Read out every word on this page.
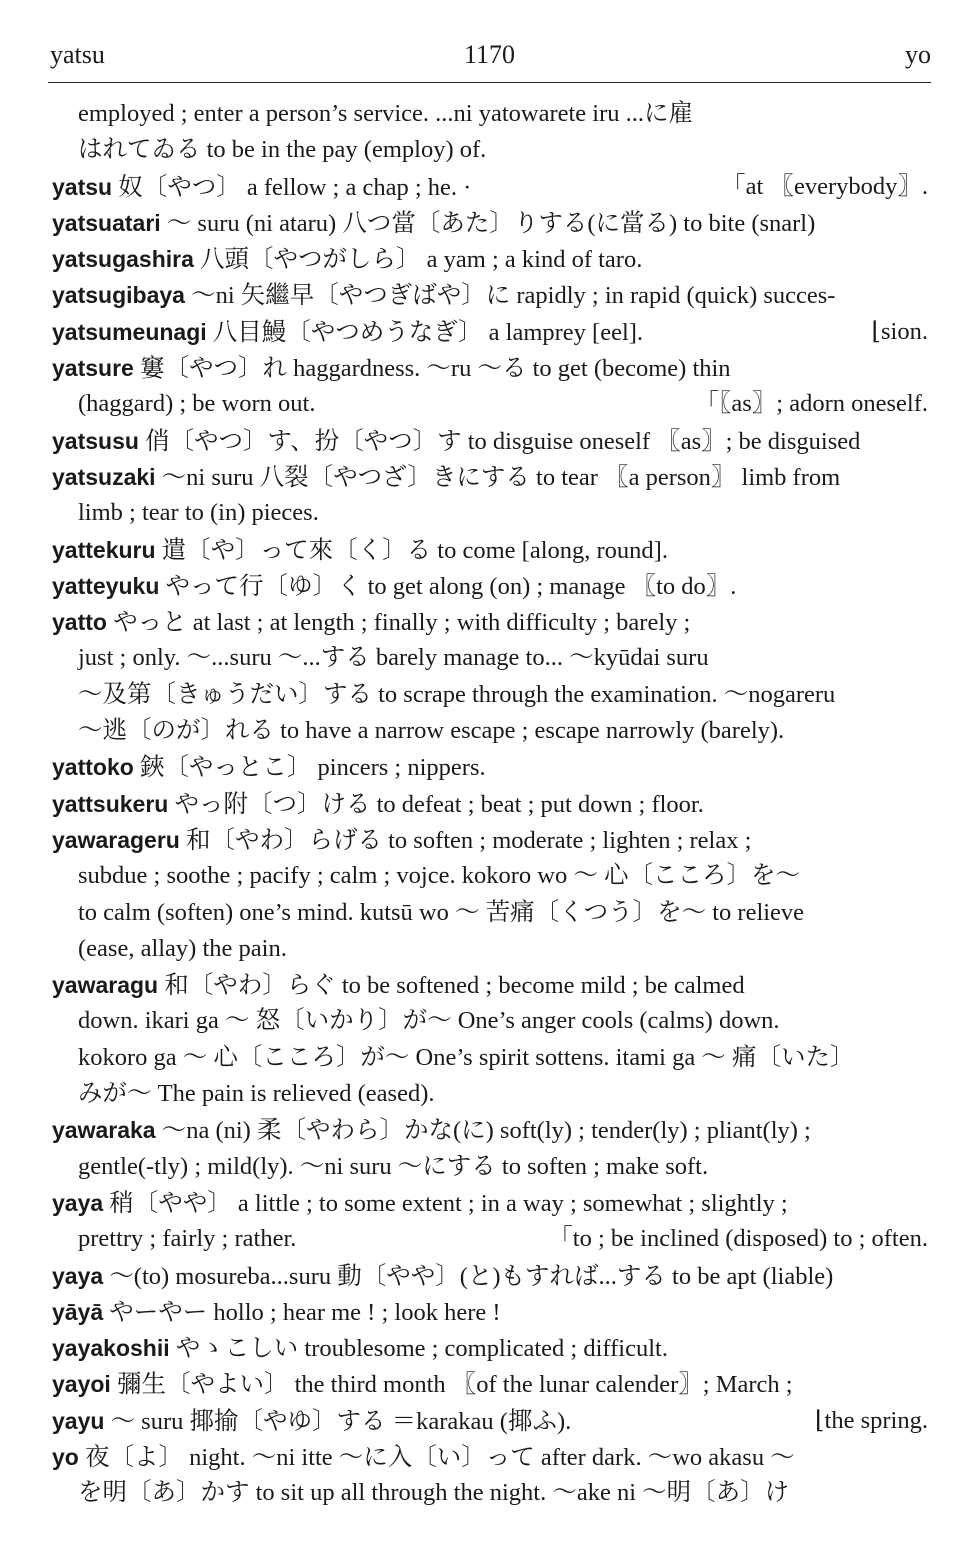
yatsu	1170	yo
employed ; enter a person’s service. ...ni yatowarete iru ...に雇
はれてゐる to be in the pay (employ) of.
yatsu 奴〔やつ〕 a fellow ; a chap ; he. ·	「at 〖everybody〗.
yatsuatari ～ suru (ni ataru) 八つ當〔あた〕りする(に當る) to bite (snarl)
yatsugashira 八頭〔やつがしら〕 a yam ; a kind of taro.
yatsugibaya ～ni 矢繼早〔やつぎばや〕に rapidly ; in rapid (quick) succes-
yatsumeunagi 八目鰻〔やつめうなぎ〕 a lamprey [eel].	⌊sion.
yatsure 窶〔やつ〕れ haggardness. ～ru ～る to get (become) thin
(haggard) ; be worn out.	「〖as〗; adorn oneself.
yatsusu 俏〔やつ〕す、扮〔やつ〕す to disguise oneself 〖as〗; be disguised
yatsuzaki ～ni suru 八裂〔やつざ〕きにする to tear 〖a person〗 limb from
limb ; tear to (in) pieces.
yattekuru 遣〔や〕って來〔く〕る to come [along, round].
yatteyuku やって行〔ゆ〕く to get along (on) ; manage 〖to do〗.
yatto やっと at last ; at length ; finally ; with difficulty ; barely ;
just ; only. ～...suru ～...する barely manage to... ～kyūdai suru
～及第〔きゅうだい〕する to scrape through the examination. ～nogareru
～逃〔のが〕れる to have a narrow escape ; escape narrowly (barely).
yattoko 鋏〔やっとこ〕 pincers ; nippers.
yattsukeru やっ附〔つ〕ける to defeat ; beat ; put down ; floor.
yawarageru 和〔やわ〕らげる to soften ; moderate ; lighten ; relax ;
subdue ; soothe ; pacify ; calm ; vojce. kokoro wo ～ 心〔こころ〕を～
to calm (soften) one’s mind. kutsū wo ～ 苦痛〔くつう〕を～ to relieve
(ease, allay) the pain.
yawaragu 和〔やわ〕らぐ to be softened ; become mild ; be calmed
down. ikari ga ～ 怒〔いかり〕が～ One’s anger cools (calms) down.
kokoro ga ～ 心〔こころ〕が～ One’s spirit sottens. itami ga ～ 痛〔いた〕
みが～ The pain is relieved (eased).
yawaraka ～na (ni) 柔〔やわら〕かな(に) soft(ly) ; tender(ly) ; pliant(ly) ;
gentle(-tly) ; mild(ly). ～ni suru ～にする to soften ; make soft.
yaya 稍〔やや〕 a little ; to some extent ; in a way ; somewhat ; slightly ;
prettry ; fairly ; rather.	「to ; be inclined (disposed) to ; often.
yaya ～(to) mosureba...suru 動〔やや〕(と)もすれば...する to be apt (liable)
yāyā やーやー hollo ; hear me ! ; look here !
yayakoshii やゝこしい troublesome ; complicated ; difficult.
yayoi 彌生〔やよい〕 the third month 〖of the lunar calender〗; March ;
yayu ～ suru 揶揄〔やゆ〕する ＝karakau (揶ふ).	⌊the spring.
yo 夜〔よ〕 night. ～ni itte ～に入〔い〕って after dark. ～wo akasu ～
を明〔あ〕かす to sit up all through the night. ～ake ni ～明〔あ〕け
